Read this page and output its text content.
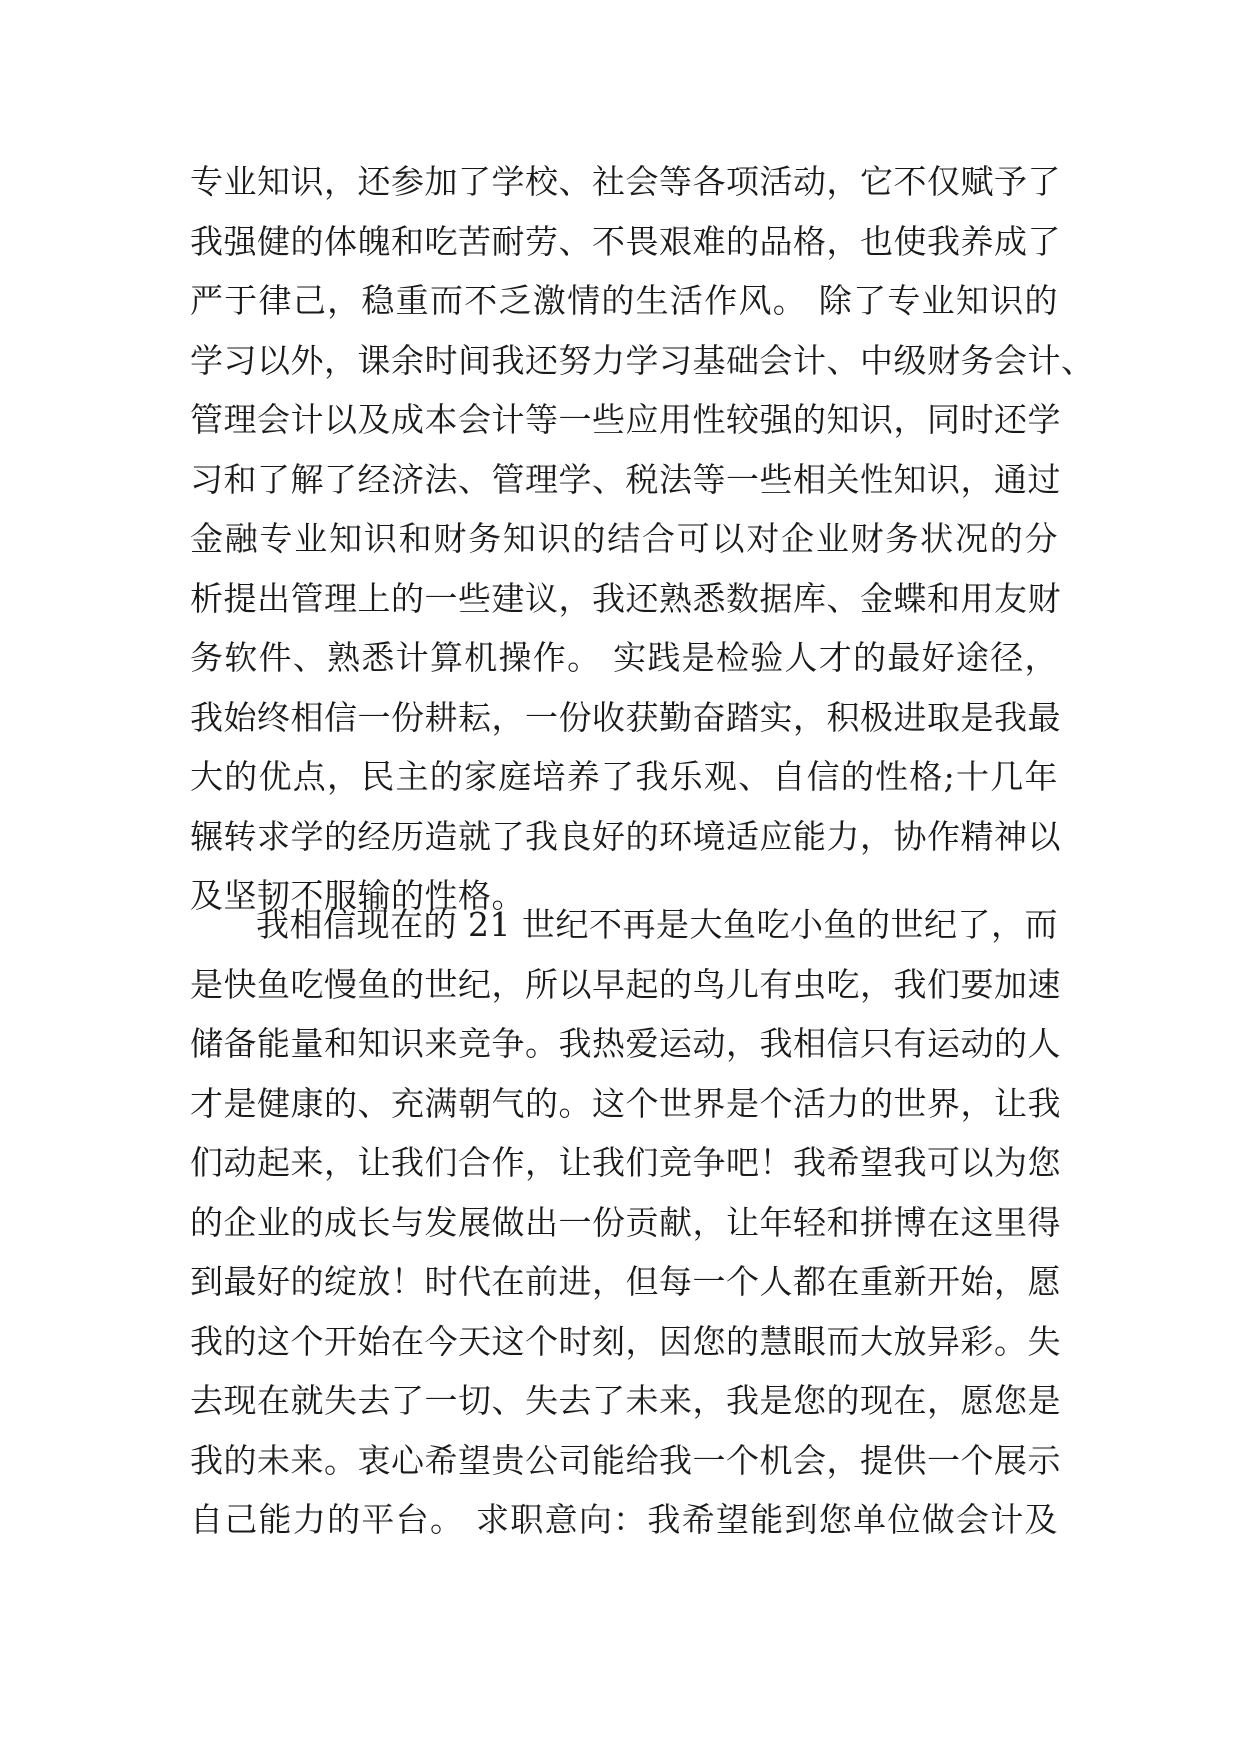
专业知识，还参加了学校、社会等各项活动，它不仅赋予了
我强健的体魄和吃苦耐劳、不畏艰难的品格，也使我养成了
严于律己，稳重而不乏激情的生活作风。 除了专业知识的
学习以外，课余时间我还努力学习基础会计、中级财务会计、
管理会计以及成本会计等一些应用性较强的知识，同时还学
习和了解了经济法、管理学、税法等一些相关性知识，通过
金融专业知识和财务知识的结合可以对企业财务状况的分
析提出管理上的一些建议，我还熟悉数据库、金蝶和用友财
务软件、熟悉计算机操作。 实践是检验人才的最好途径，
我始终相信一份耕耘，一份收获勤奋踏实，积极进取是我最
大的优点，民主的家庭培养了我乐观、自信的性格;十几年
辗转求学的经历造就了我良好的环境适应能力，协作精神以
及坚韧不服输的性格。
我相信现在的 21 世纪不再是大鱼吃小鱼的世纪了，而
是快鱼吃慢鱼的世纪，所以早起的鸟儿有虫吃，我们要加速
储备能量和知识来竞争。我热爱运动，我相信只有运动的人
才是健康的、充满朝气的。这个世界是个活力的世界，让我
们动起来，让我们合作，让我们竞争吧！我希望我可以为您
的企业的成长与发展做出一份贡献，让年轻和拼博在这里得
到最好的绽放！时代在前进，但每一个人都在重新开始，愿
我的这个开始在今天这个时刻，因您的慧眼而大放异彩。失
去现在就失去了一切、失去了未来，我是您的现在，愿您是
我的未来。衷心希望贵公司能给我一个机会，提供一个展示
自己能力的平台。 求职意向：我希望能到您单位做会计及
